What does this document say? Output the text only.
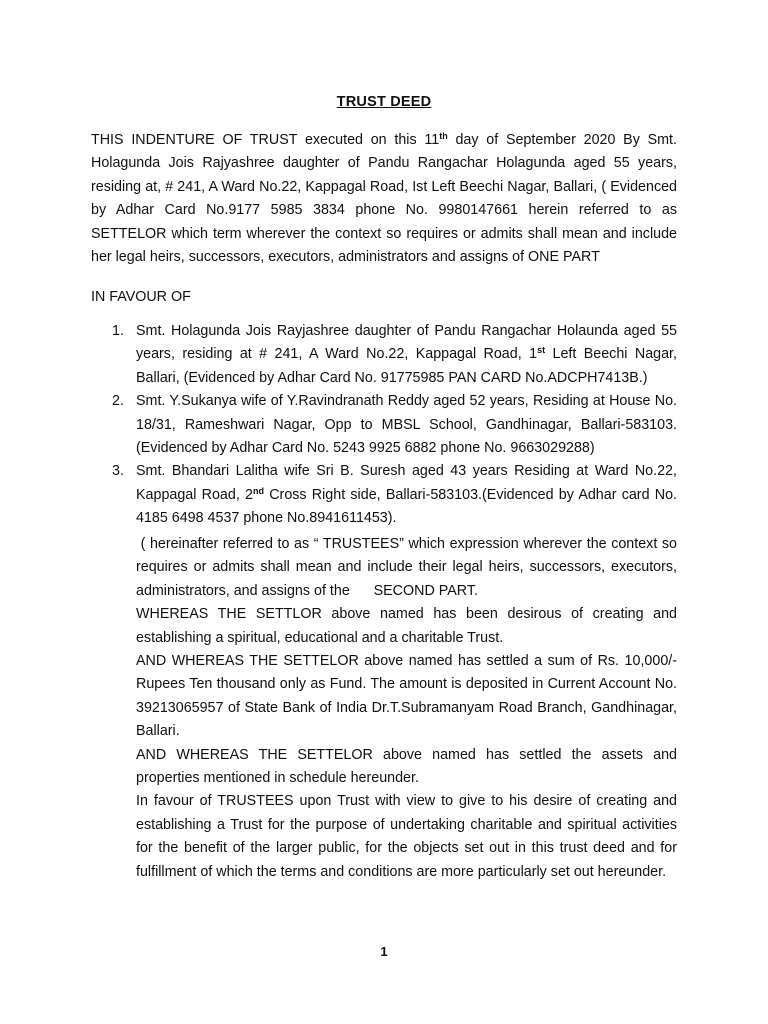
TRUST DEED
THIS INDENTURE OF TRUST executed on this 11th day of September 2020 By Smt. Holagunda Jois Rajyashree daughter of Pandu Rangachar Holagunda aged 55 years, residing at, # 241, A Ward No.22, Kappagal Road, Ist Left Beechi Nagar, Ballari, ( Evidenced by Adhar Card No.9177 5985 3834 phone No. 9980147661 herein referred to as SETTELOR which term wherever the context so requires or admits shall mean and include her legal heirs, successors, executors, administrators and assigns of ONE PART
IN FAVOUR OF
1. Smt. Holagunda Jois Rayjashree daughter of Pandu Rangachar Holaunda aged 55 years, residing at # 241, A Ward No.22, Kappagal Road, 1st Left Beechi Nagar, Ballari, (Evidenced by Adhar Card No. 91775985 PAN CARD No.ADCPH7413B.)
2. Smt. Y.Sukanya wife of Y.Ravindranath Reddy aged 52 years, Residing at House No. 18/31, Rameshwari Nagar, Opp to MBSL School, Gandhinagar, Ballari-583103. (Evidenced by Adhar Card No. 5243 9925 6882 phone No. 9663029288)
3. Smt. Bhandari Lalitha wife Sri B. Suresh aged 43 years Residing at Ward No.22, Kappagal Road, 2nd Cross Right side, Ballari-583103.(Evidenced by Adhar card No. 4185 6498 4537 phone No.8941611453).

( hereinafter referred to as “ TRUSTEES” which expression wherever the context so requires or admits shall mean and include their legal heirs, successors, executors, administrators, and assigns of the      SECOND PART.

WHEREAS THE SETTLOR above named has been desirous of creating and establishing a spiritual, educational and a charitable Trust.

AND WHEREAS THE SETTELOR above named has settled a sum of Rs. 10,000/- Rupees Ten thousand only as Fund. The amount is deposited in Current Account No. 39213065957 of State Bank of India Dr.T.Subramanyam Road Branch, Gandhinagar, Ballari.

AND WHEREAS THE SETTELOR above named has settled the assets and properties mentioned in schedule hereunder.

In favour of TRUSTEES upon Trust with view to give to his desire of creating and establishing a Trust for the purpose of undertaking charitable and spiritual activities for the benefit of the larger public, for the objects set out in this trust deed and for fulfillment of which the terms and conditions are more particularly set out hereunder.

1
